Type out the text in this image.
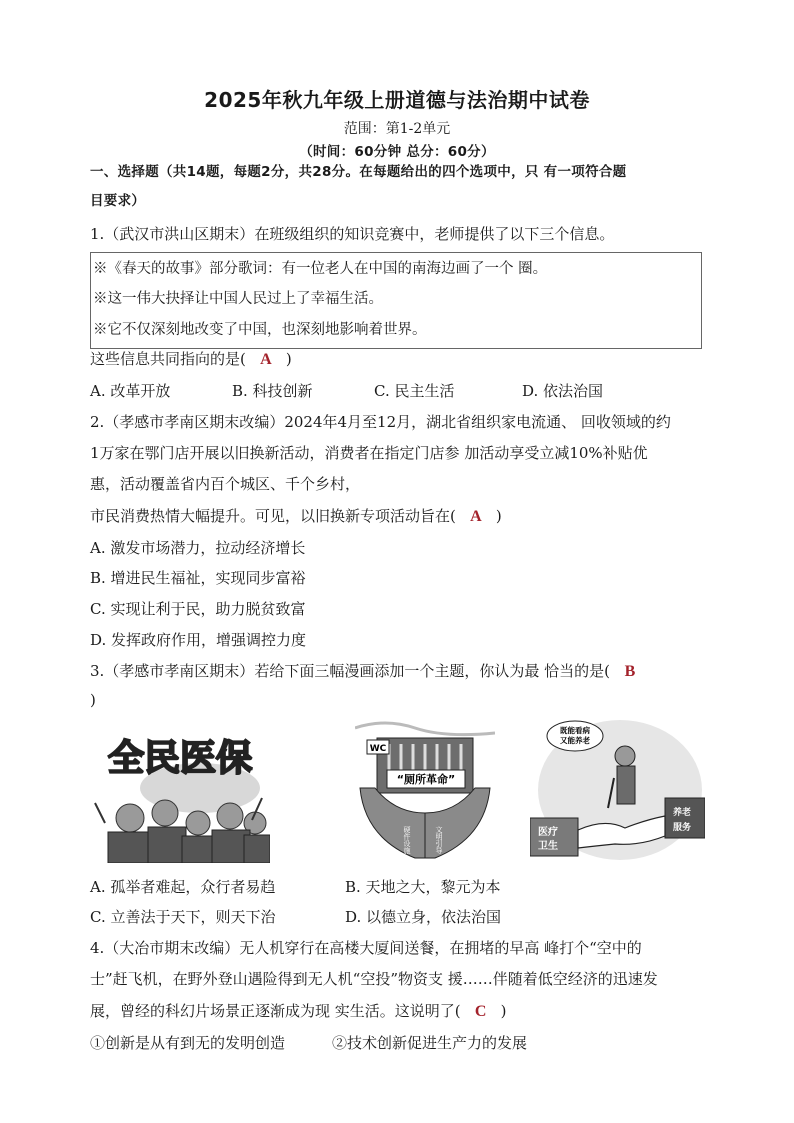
2025年秋九年级上册道德与法治期中试卷
范围：第1-2单元
（时间：60分钟 总分：60分）
一、选择题（共14题，每题2分，共28分。在每题给出的四个选项中，只 有一项符合题
目要求）
1.（武汉市洪山区期末）在班级组织的知识竞赛中，老师提供了以下三个信息。
※《春天的故事》部分歌词：有一位老人在中国的南海边画了一个 圈。
※这一伟大抉择让中国人民过上了幸福生活。
※它不仅深刻地改变了中国，也深刻地影响着世界。
这些信息共同指向的是( A )
A. 改革开放	B. 科技创新	C. 民主生活	D. 依法治国
2.（孝感市孝南区期末改编）2024年4月至12月，湖北省组织家电流通、 回收领域的约
1万家在鄂门店开展以旧换新活动，消费者在指定门店参 加活动享受立减10%补贴优
惠，活动覆盖省内百个城区、千个乡村，
市民消费热情大幅提升。可见，以旧换新专项活动旨在( A )
A. 激发市场潜力，拉动经济增长
B. 增进民生福祉，实现同步富裕
C. 实现让利于民，助力脱贫致富
D. 发挥政府作用，增强调控力度
3.（孝感市孝南区期末）若给下面三幅漫画添加一个主题，你认为最 恰当的是( B
)
全民医保	WC
“厕所革命”
硬件设施	文明引导
既能看病
又能养老
医疗
卫生
养老
服务
A. 孤举者难起，众行者易趋	B. 天地之大，黎元为本
C. 立善法于天下，则天下治	D. 以德立身，依法治国
4.（大冶市期末改编）无人机穿行在高楼大厦间送餐，在拥堵的早高 峰打个“空中的
士”赶飞机，在野外登山遇险得到无人机“空投”物资支 援……伴随着低空经济的迅速发
展，曾经的科幻片场景正逐渐成为现 实生活。这说明了( C )
①创新是从有到无的发明创造	②技术创新促进生产力的发展
